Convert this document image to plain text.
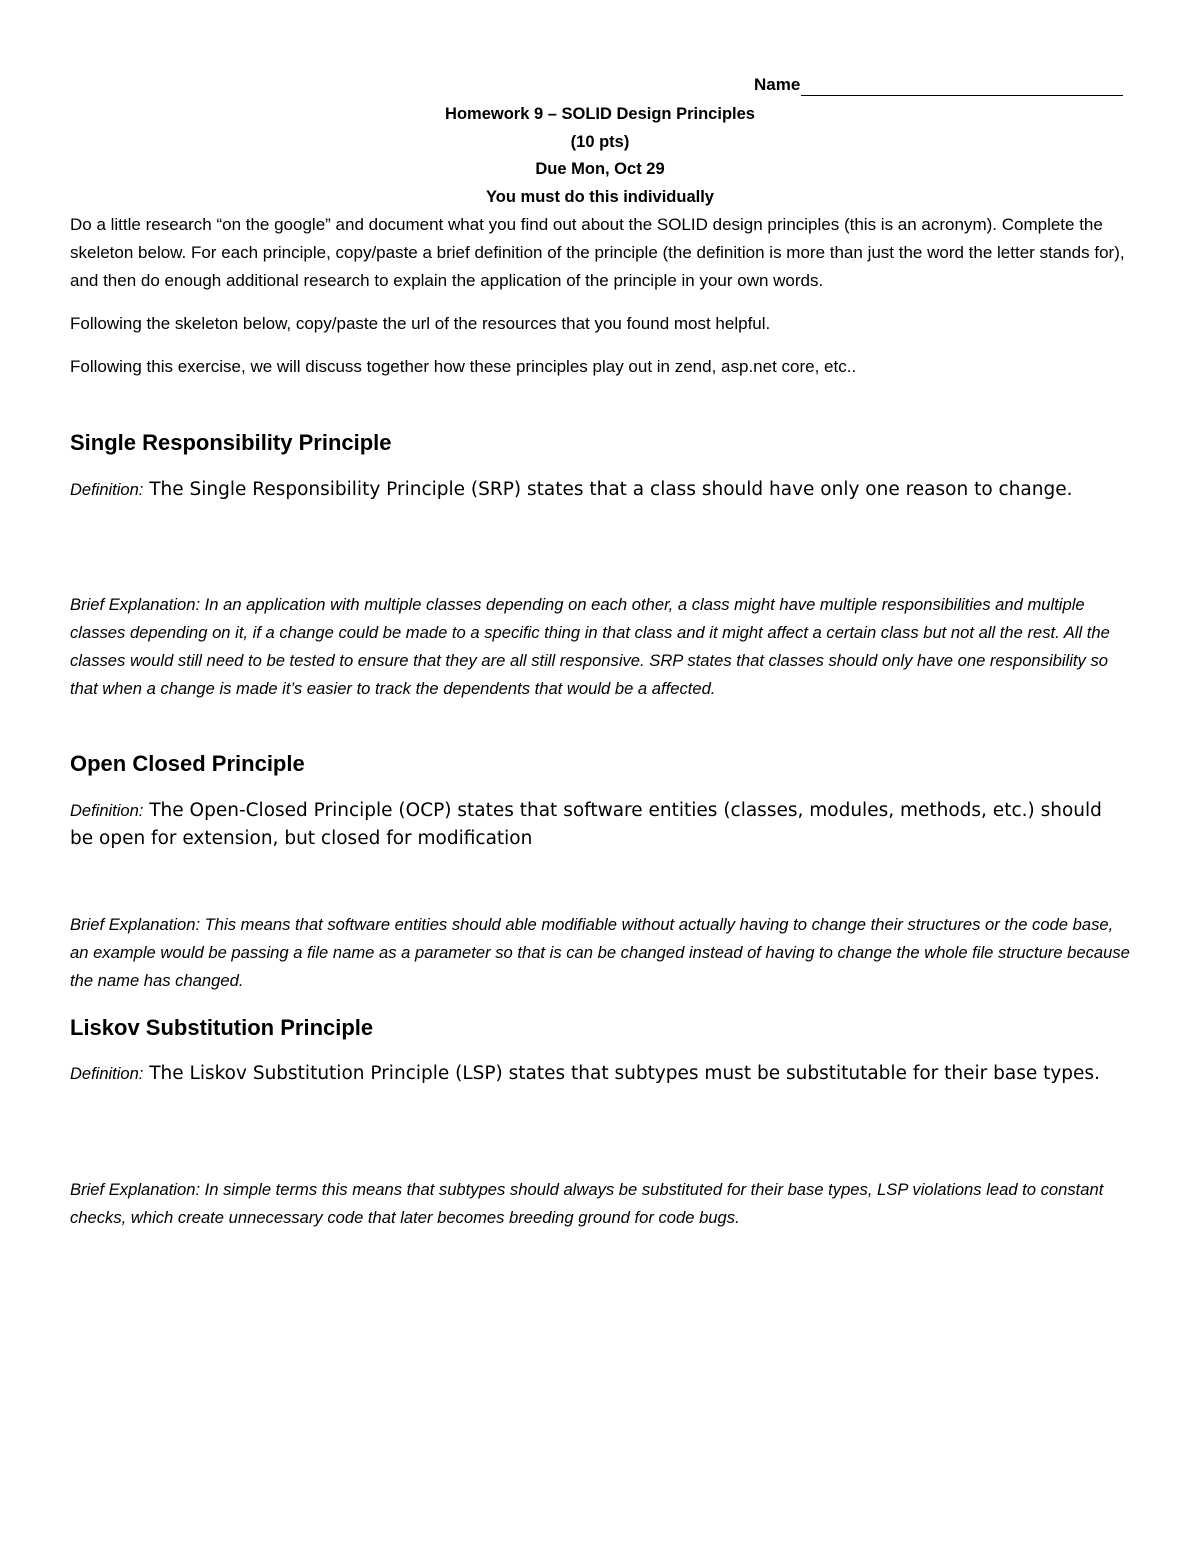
Name
Homework 9 – SOLID Design Principles
(10 pts)
Due Mon, Oct 29
You must do this individually

Do a little research “on the google” and document what you find out about the SOLID design principles (this is an acronym). Complete the skeleton below. For each principle, copy/paste a brief definition of the principle (the definition is more than just the word the letter stands for), and then do enough additional research to explain the application of the principle in your own words.

Following the skeleton below, copy/paste the url of the resources that you found most helpful.

Following this exercise, we will discuss together how these principles play out in zend, asp.net core, etc..

Single Responsibility Principle
Definition: The Single Responsibility Principle (SRP) states that a class should have only one reason to change.
Brief Explanation: In an application with multiple classes depending on each other, a class might have multiple responsibilities and multiple classes depending on it, if a change could be made to a specific thing in that class and it might affect a certain class but not all the rest. All the classes would still need to be tested to ensure that they are all still responsive. SRP states that classes should only have one responsibility so that when a change is made it’s easier to track the dependents that would be a affected.
Open Closed Principle
Definition: The Open-Closed Principle (OCP) states that software entities (classes, modules, methods, etc.) should be open for extension, but closed for modification
Brief Explanation: This means that software entities should able modifiable without actually having to change their structures or the code base, an example would be passing a file name as a parameter so that is can be changed instead of having to change the whole file structure because the name has changed.
Liskov Substitution Principle
Definition: The Liskov Substitution Principle (LSP) states that subtypes must be substitutable for their base types.
Brief Explanation: In simple terms this means that subtypes should always be substituted for their base types, LSP violations lead to constant checks, which create unnecessary code that later becomes breeding ground for code bugs.
